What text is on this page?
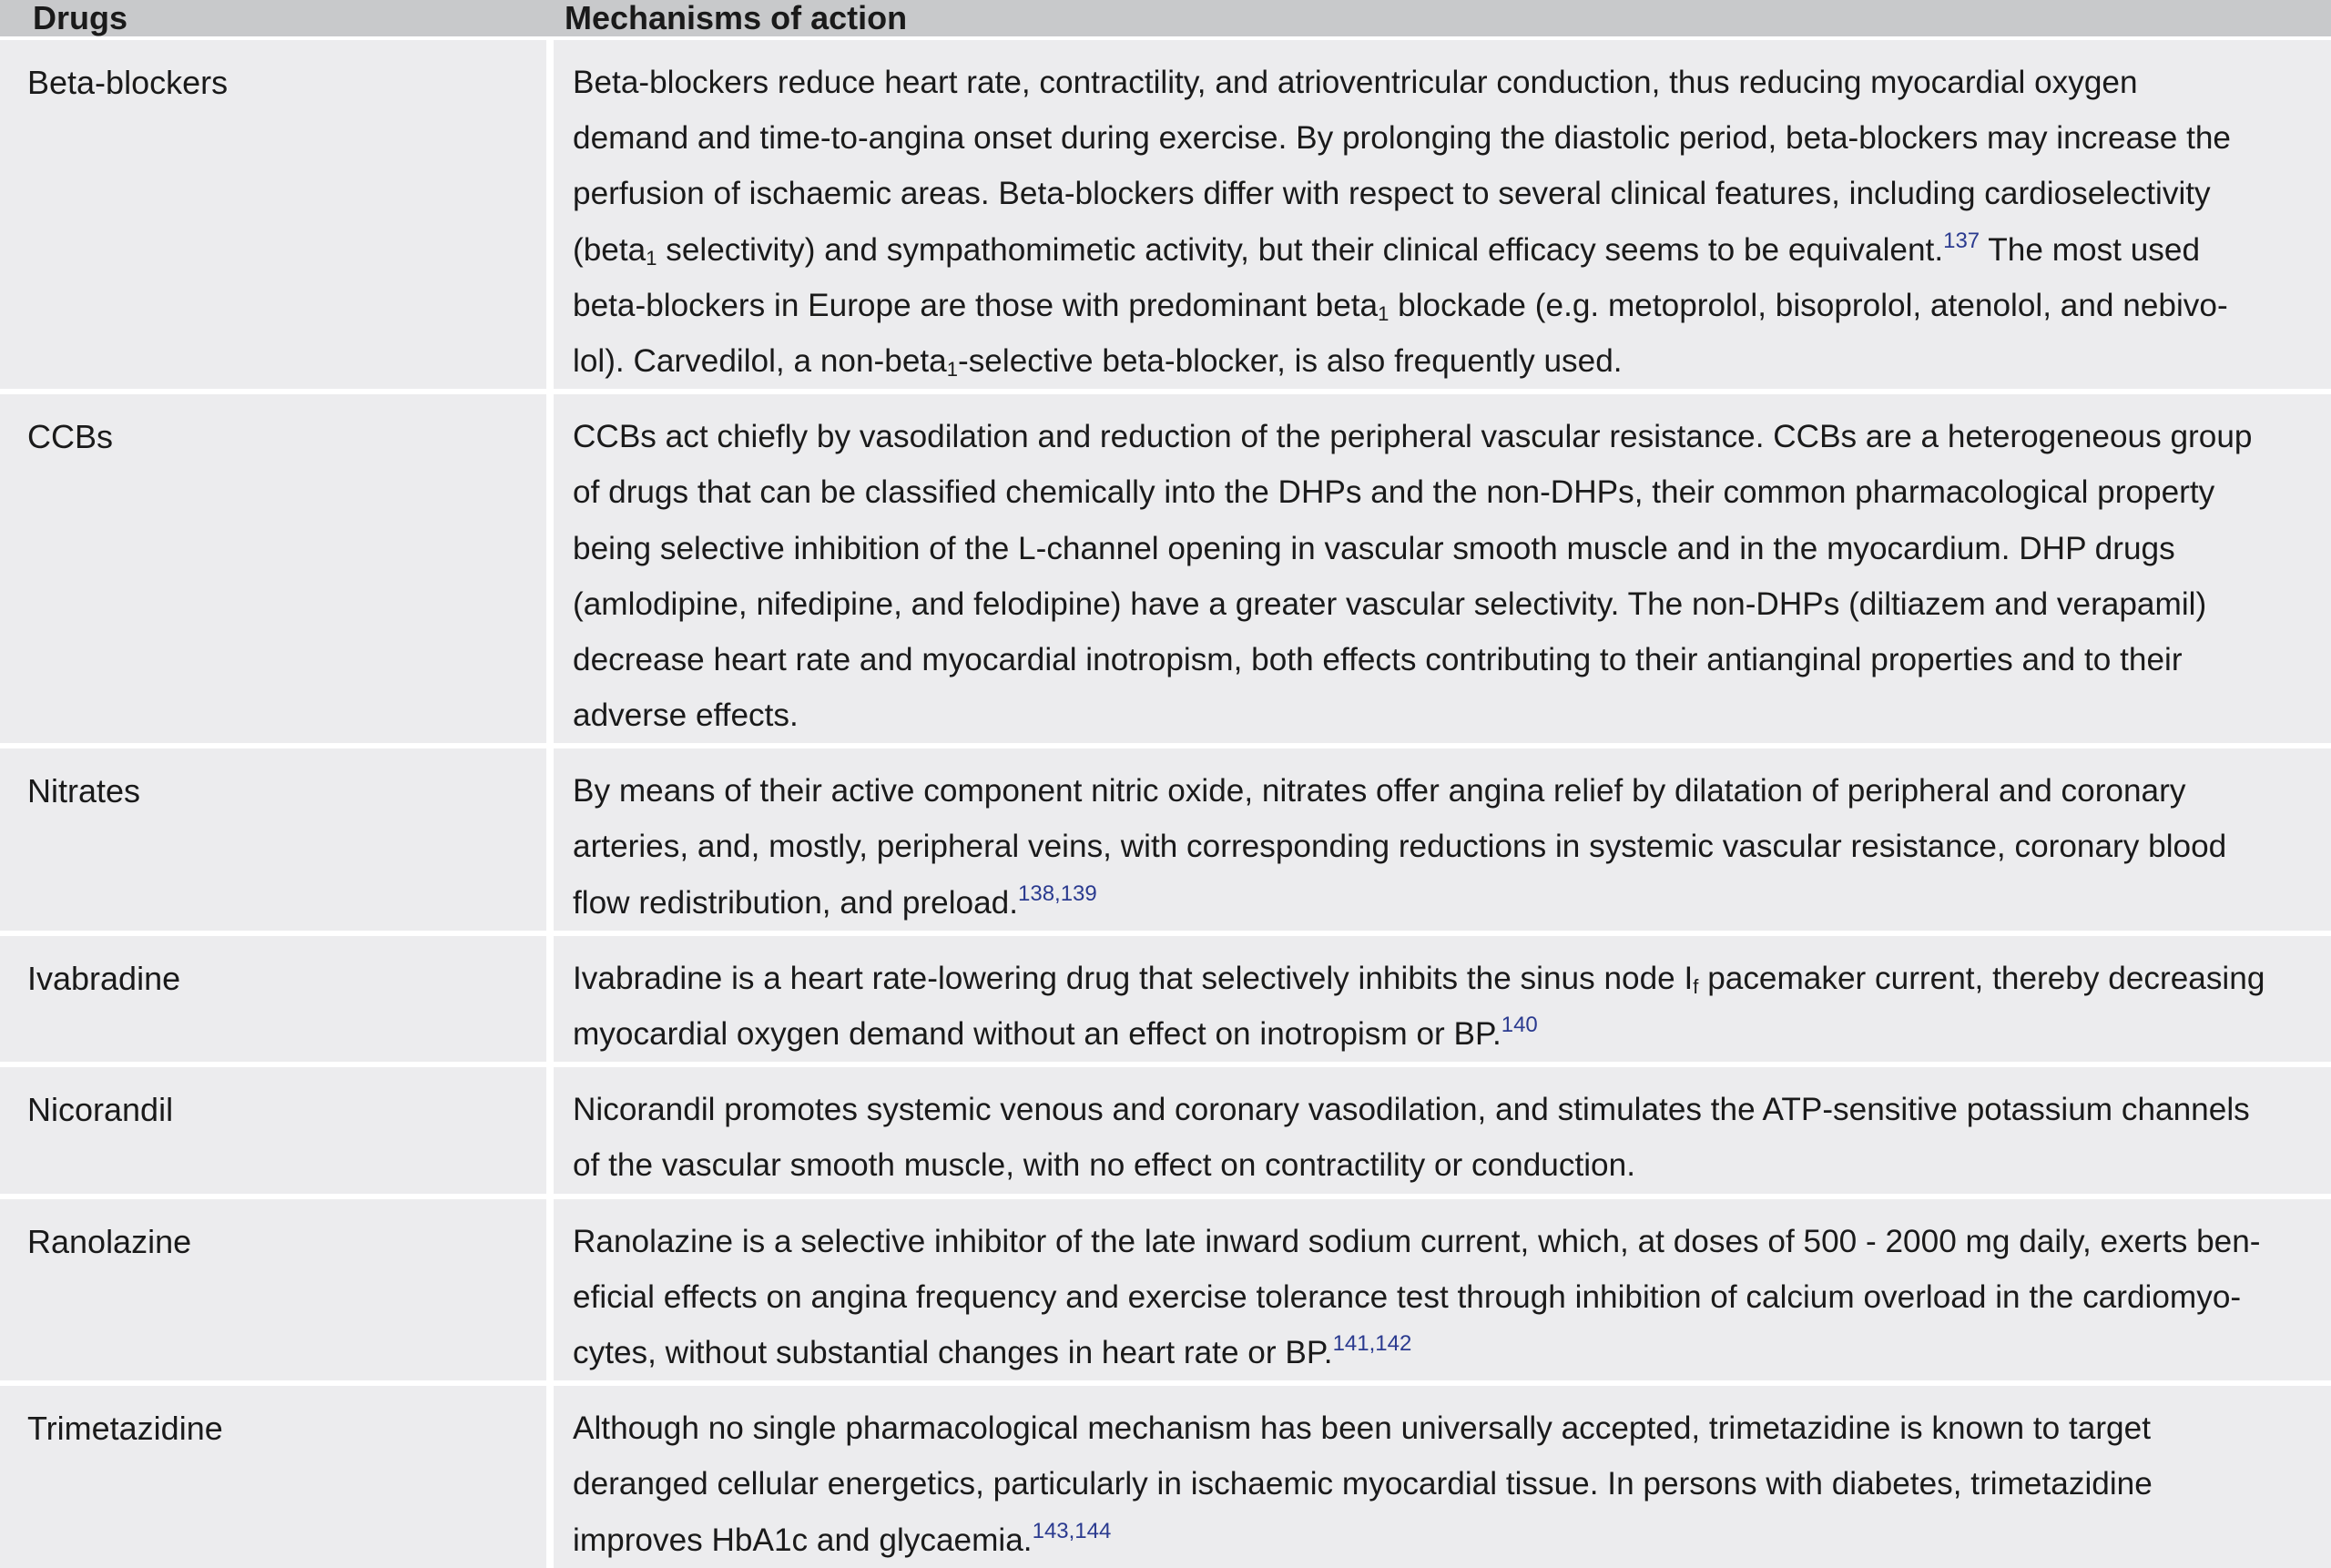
Drugs	Mechanisms of action
Beta-blockers	Beta-blockers reduce heart rate, contractility, and atrioventricular conduction, thus reducing myocardial oxygen
demand and time-to-angina onset during exercise. By prolonging the diastolic period, beta-blockers may increase the
perfusion of ischaemic areas. Beta-blockers differ with respect to several clinical features, including cardioselectivity
(beta$_1$ selectivity) and sympathomimetic activity, but their clinical efficacy seems to be equivalent.$^{137}$ The most used
beta-blockers in Europe are those with predominant beta$_1$ blockade (e.g. metoprolol, bisoprolol, atenolol, and nebivo-
lol). Carvedilol, a non-beta$_1$-selective beta-blocker, is also frequently used.
CCBs	CCBs act chiefly by vasodilation and reduction of the peripheral vascular resistance. CCBs are a heterogeneous group
of drugs that can be classified chemically into the DHPs and the non-DHPs, their common pharmacological property
being selective inhibition of the L-channel opening in vascular smooth muscle and in the myocardium. DHP drugs
(amlodipine, nifedipine, and felodipine) have a greater vascular selectivity. The non-DHPs (diltiazem and verapamil)
decrease heart rate and myocardial inotropism, both effects contributing to their antianginal properties and to their
adverse effects.
Nitrates	By means of their active component nitric oxide, nitrates offer angina relief by dilatation of peripheral and coronary
arteries, and, mostly, peripheral veins, with corresponding reductions in systemic vascular resistance, coronary blood
flow redistribution, and preload.$^{138,139}$
Ivabradine	Ivabradine is a heart rate-lowering drug that selectively inhibits the sinus node $I_f$ pacemaker current, thereby decreasing
myocardial oxygen demand without an effect on inotropism or BP.$^{140}$
Nicorandil	Nicorandil promotes systemic venous and coronary vasodilation, and stimulates the ATP-sensitive potassium channels
of the vascular smooth muscle, with no effect on contractility or conduction.
Ranolazine	Ranolazine is a selective inhibitor of the late inward sodium current, which, at doses of 500 - 2000 mg daily, exerts ben-
eficial effects on angina frequency and exercise tolerance test through inhibition of calcium overload in the cardiomyo-
cytes, without substantial changes in heart rate or BP.$^{141,142}$
Trimetazidine	Although no single pharmacological mechanism has been universally accepted, trimetazidine is known to target
deranged cellular energetics, particularly in ischaemic myocardial tissue. In persons with diabetes, trimetazidine
improves HbA1c and glycaemia.$^{143,144}$
